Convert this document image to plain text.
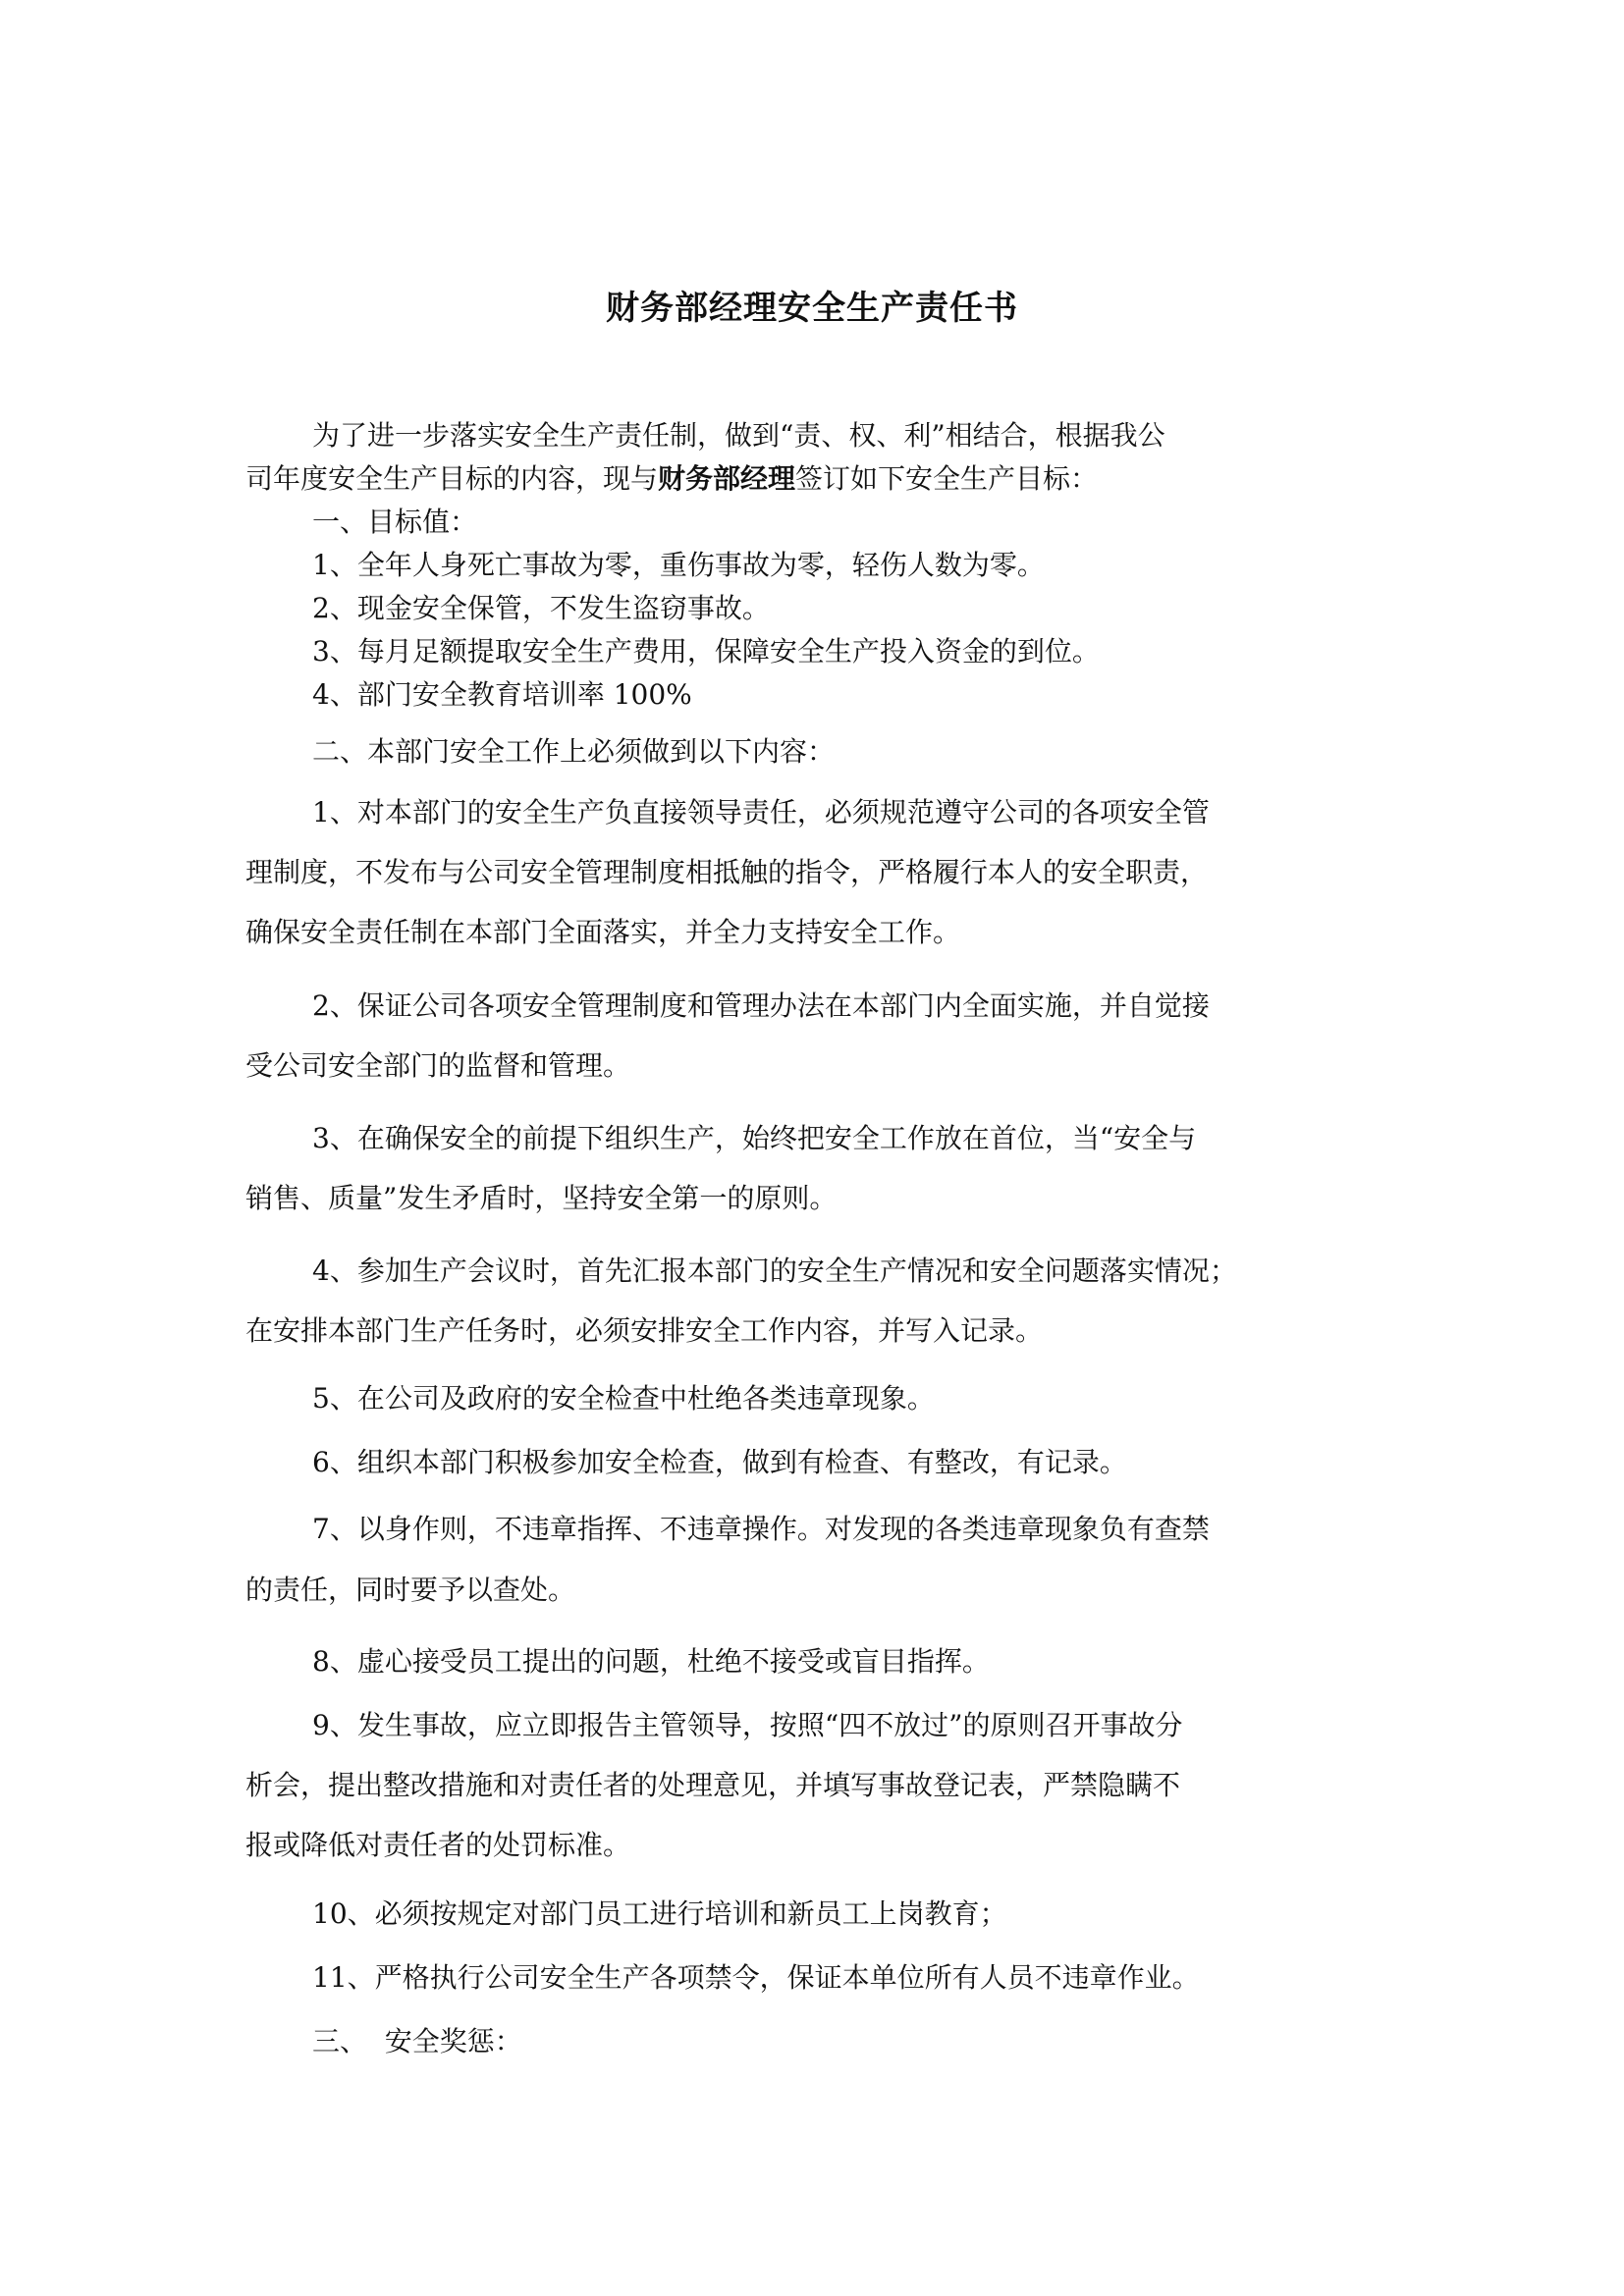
财务部经理安全生产责任书
为了进一步落实安全生产责任制，做到“责、权、利”相结合，根据我公
司年度安全生产目标的内容，现与财务部经理签订如下安全生产目标：
一、目标值：
1、全年人身死亡事故为零，重伤事故为零，轻伤人数为零。
2、现金安全保管，不发生盗窃事故。
3、每月足额提取安全生产费用，保障安全生产投入资金的到位。
4、部门安全教育培训率 100%
二、本部门安全工作上必须做到以下内容：
1、对本部门的安全生产负直接领导责任，必须规范遵守公司的各项安全管
理制度，不发布与公司安全管理制度相抵触的指令，严格履行本人的安全职责，
确保安全责任制在本部门全面落实，并全力支持安全工作。
2、保证公司各项安全管理制度和管理办法在本部门内全面实施，并自觉接
受公司安全部门的监督和管理。
3、在确保安全的前提下组织生产，始终把安全工作放在首位，当“安全与
销售、质量”发生矛盾时，坚持安全第一的原则。
4、参加生产会议时，首先汇报本部门的安全生产情况和安全问题落实情况；
在安排本部门生产任务时，必须安排安全工作内容，并写入记录。
5、在公司及政府的安全检查中杜绝各类违章现象。
6、组织本部门积极参加安全检查，做到有检查、有整改，有记录。
7、以身作则，不违章指挥、不违章操作。对发现的各类违章现象负有查禁
的责任，同时要予以查处。
8、虚心接受员工提出的问题，杜绝不接受或盲目指挥。
9、发生事故，应立即报告主管领导，按照“四不放过”的原则召开事故分
析会，提出整改措施和对责任者的处理意见，并填写事故登记表，严禁隐瞒不
报或降低对责任者的处罚标准。
10、必须按规定对部门员工进行培训和新员工上岗教育；
11、严格执行公司安全生产各项禁令，保证本单位所有人员不违章作业。
三、  安全奖惩：
